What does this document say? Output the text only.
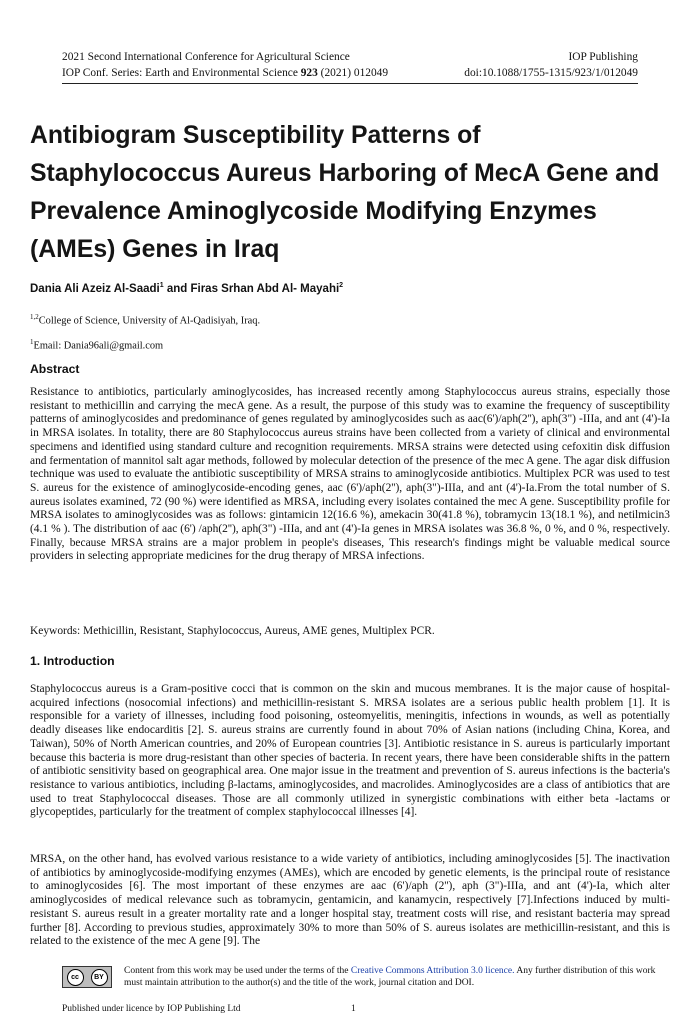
2021 Second International Conference for Agricultural Science	IOP Publishing
IOP Conf. Series: Earth and Environmental Science 923 (2021) 012049	doi:10.1088/1755-1315/923/1/012049
Antibiogram Susceptibility Patterns of Staphylococcus Aureus Harboring of MecA Gene and Prevalence Aminoglycoside Modifying Enzymes (AMEs) Genes in Iraq
Dania Ali Azeiz Al-Saadi$^1$ and Firas Srhan Abd Al- Mayahi$^2$
$^{1,2}$College of Science, University of Al-Qadisiyah, Iraq.
$^1$Email: Dania96ali@gmail.com
Abstract
Resistance to antibiotics, particularly aminoglycosides, has increased recently among Staphylococcus aureus strains, especially those resistant to methicillin and carrying the mecA gene. As a result, the purpose of this study was to examine the frequency of susceptibility patterns of aminoglycosides and predominance of genes regulated by aminoglycosides such as aac(6')/aph(2''), aph(3") -IIIa, and ant (4')-Ia in MRSA isolates. In totality, there are 80 Staphylococcus aureus strains have been collected from a variety of clinical and environmental specimens and identified using standard culture and recognition requirements. MRSA strains were detected using cefoxitin disk diffusion and fermentation of mannitol salt agar methods, followed by molecular detection of the presence of the mec A gene. The agar disk diffusion technique was used to evaluate the antibiotic susceptibility of MRSA strains to aminoglycoside antibiotics. Multiplex PCR was used to test S. aureus for the existence of aminoglycoside-encoding genes, aac (6')/aph(2''), aph(3")-IIIa, and ant (4')-Ia.From the total number of S. aureus isolates examined, 72 (90 %) were identified as MRSA, including every isolates contained the mec A gene. Susceptibility profile for MRSA isolates to aminoglycosides was as follows: gintamicin 12(16.6 %), amekacin 30(41.8 %), tobramycin 13(18.1 %), and netilmicin3 (4.1 % ). The distribution of aac (6') /aph(2''), aph(3") -IIIa, and ant (4')-Ia genes in MRSA isolates was 36.8 %, 0 %, and 0 %, respectively. Finally, because MRSA strains are a major problem in people's diseases, This research's findings might be valuable medical source providers in selecting appropriate medicines for the drug therapy of MRSA infections.
Keywords: Methicillin, Resistant, Staphylococcus, Aureus, AME genes, Multiplex PCR.
1. Introduction
Staphylococcus aureus is a Gram-positive cocci that is common on the skin and mucous membranes. It is the major cause of hospital-acquired infections (nosocomial infections) and methicillin-resistant S. MRSA isolates are a serious public health problem [1]. It is responsible for a variety of illnesses, including food poisoning, osteomyelitis, meningitis, infections in wounds, as well as potentially deadly diseases like endocarditis [2]. S. aureus strains are currently found in about 70% of Asian nations (including China, Korea, and Taiwan), 50% of North American countries, and 20% of European countries [3]. Antibiotic resistance in S. aureus is particularly important because this bacteria is more drug-resistant than other species of bacteria. In recent years, there have been considerable shifts in the pattern of antibiotic sensitivity based on geographical area. One major issue in the treatment and prevention of S. aureus infections is the bacteria's resistance to various antibiotics, including β-lactams, aminoglycosides, and macrolides. Aminoglycosides are a class of antibiotics that are used to treat Staphylococcal diseases. Those are all commonly utilized in synergistic combinations with either beta -lactams or glycopeptides, particularly for the treatment of complex staphylococcal illnesses [4].
MRSA, on the other hand, has evolved various resistance to a wide variety of antibiotics, including aminoglycosides [5]. The inactivation of antibiotics by aminoglycoside-modifying enzymes (AMEs), which are encoded by genetic elements, is the principal route of resistance to aminoglycosides [6]. The most important of these enzymes are aac (6')/aph (2''), aph (3")-IIIa, and ant (4')-Ia, which alter aminoglycosides of medical relevance such as tobramycin, gentamicin, and kanamycin, respectively [7].Infections induced by multi-resistant S. aureus result in a greater mortality rate and a longer hospital stay, treatment costs will rise, and resistant bacteria may spread further [8]. According to previous studies, approximately 30% to more than 50% of S. aureus isolates are methicillin-resistant, and this is related to the existence of the mec A gene [9]. The
cc	BY
Content from this work may be used under the terms of the Creative Commons Attribution 3.0 licence. Any further distribution of this work must maintain attribution to the author(s) and the title of the work, journal citation and DOI.
Published under licence by IOP Publishing Ltd	1
